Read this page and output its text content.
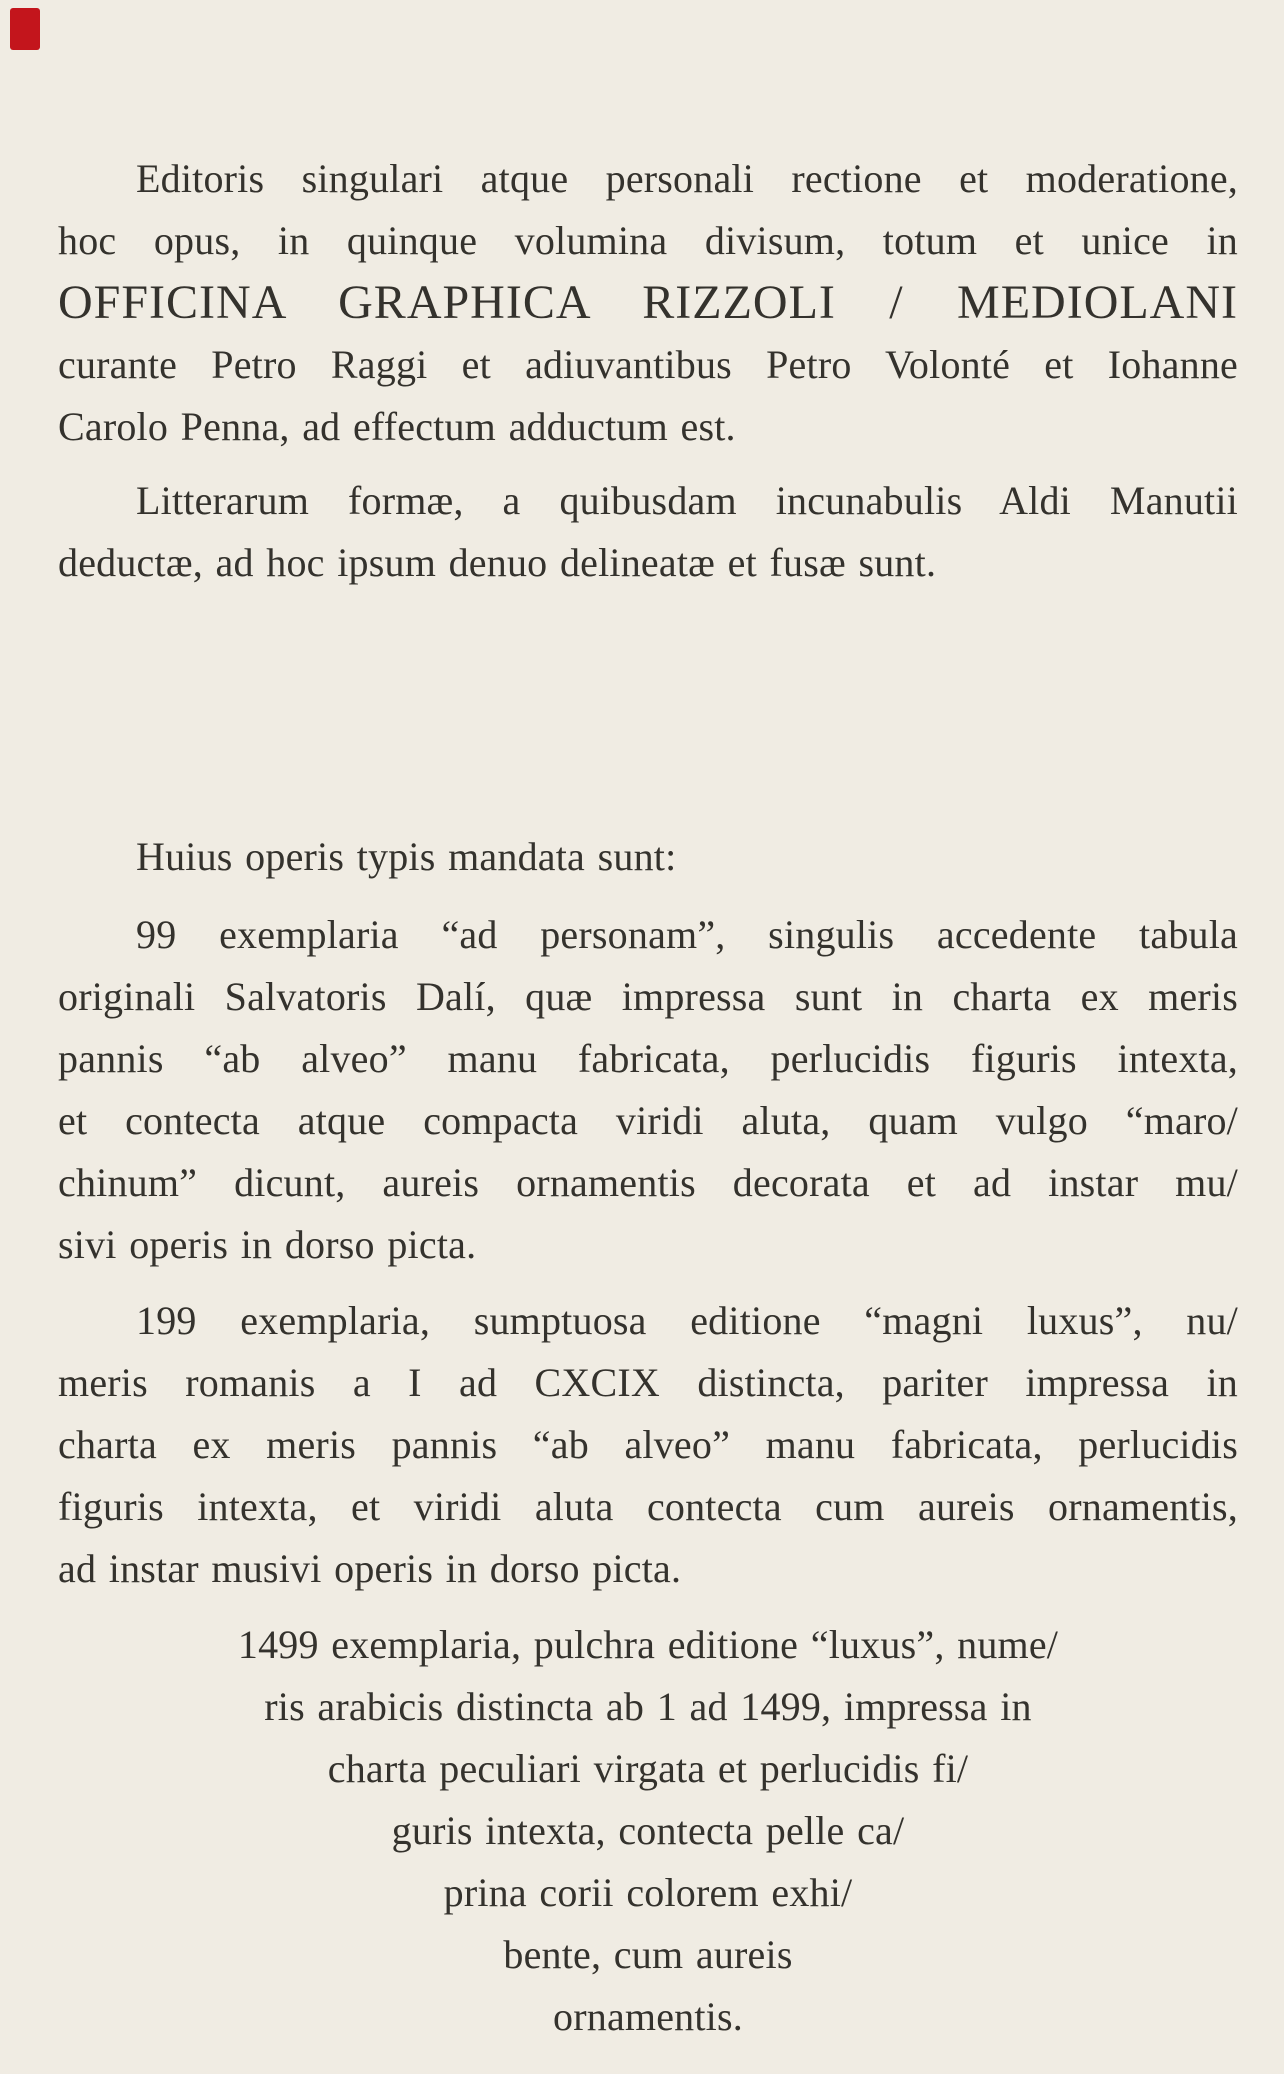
Editoris singulari atque personali rectione et moderatione,
hoc opus, in quinque volumina divisum, totum et unice in
OFFICINA GRAPHICA RIZZOLI / MEDIOLANI
curante Petro Raggi et adiuvantibus Petro Volonté et Iohanne
Carolo Penna, ad effectum adductum est.
Litterarum formæ, a quibusdam incunabulis Aldi Manutii
deductæ, ad hoc ipsum denuo delineatæ et fusæ sunt.
Huius operis typis mandata sunt:
99 exemplaria “ad personam”, singulis accedente tabula
originali Salvatoris Dalí, quæ impressa sunt in charta ex meris
pannis “ab alveo” manu fabricata, perlucidis figuris intexta,
et contecta atque compacta viridi aluta, quam vulgo “maro/
chinum” dicunt, aureis ornamentis decorata et ad instar mu/
sivi operis in dorso picta.
199 exemplaria, sumptuosa editione “magni luxus”, nu/
meris romanis a I ad CXCIX distincta, pariter impressa in
charta ex meris pannis “ab alveo” manu fabricata, perlucidis
figuris intexta, et viridi aluta contecta cum aureis ornamentis,
ad instar musivi operis in dorso picta.
1499 exemplaria, pulchra editione “luxus”, nume/
ris arabicis distincta ab 1 ad 1499, impressa in
charta peculiari virgata et perlucidis fi/
guris intexta, contecta pelle ca/
prina corii colorem exhi/
bente, cum aureis
ornamentis.
